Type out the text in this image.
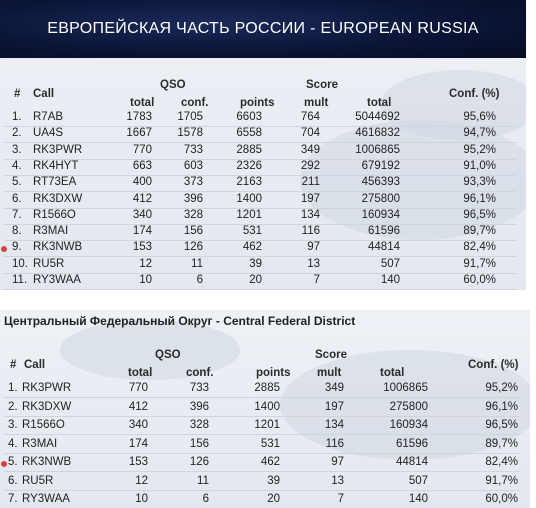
ЕВРОПЕЙСКАЯ ЧАСТЬ РОССИИ - EUROPEAN RUSSIA
# Call
QSO	Score
total conf.	points	mult	total
Conf. (%)
1. R7AB	1783 1705	6603	764	5044692	95,6%
2. UA4S	1667 1578	6558	704	4616832	94,7%
3. RK3PWR	770	733	2885	349	1006865	95,2%
4. RK4HYT	663	603	2326	292	679192	91,0%
5. RT73EA	400	373	2163	211	456393	93,3%
6. RK3DXW	412	396	1400	197	275800	96,1%
7. R1566O	340	328	1201	134	160934	96,5%
8. R3MAI	174	156	531	116	61596	89,7%
9. RK3NWB	153	126	462	97	44814	82,4%
10. RU5R	12	11	39	13	507	91,7%
11. RY3WAA	10	6	20	7	140	60,0%
Центральный Федеральный Округ - Central Federal District
# Call
QSO	Score
total	conf.	points mult	total
Conf. (%)
1. RK3PWR	770	733	2885	349	1006865	95,2%
2. RK3DXW	412	396	1400	197	275800	96,1%
3. R1566O	340	328	1201	134	160934	96,5%
4. R3MAI	174	156	531	116	61596	89,7%
5. RK3NWB	153	126	462	97	44814	82,4%
6. RU5R	12	11	39	13	507	91,7%
7. RY3WAA	10	6	20	7	140	60,0%
